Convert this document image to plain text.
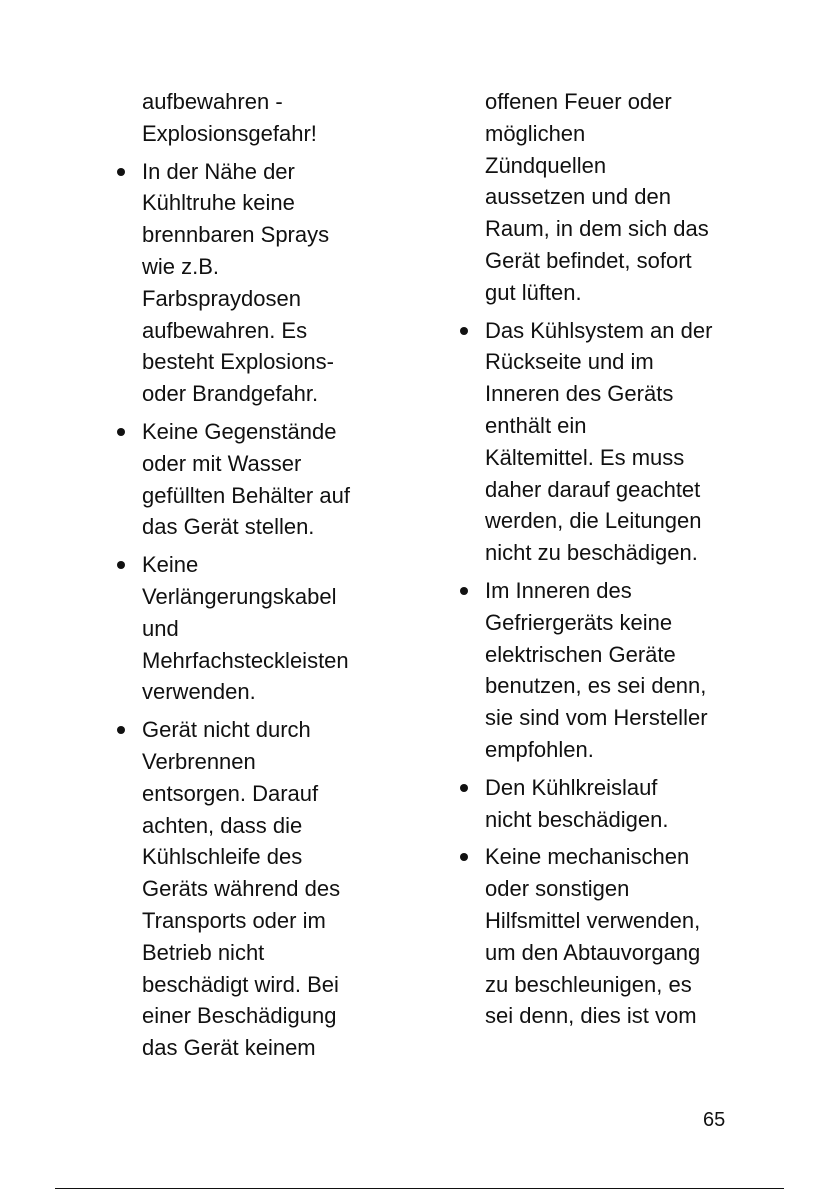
aufbewahren -
Explosionsgefahr!

In der Nähe der
Kühltruhe keine
brennbaren Sprays
wie z.B.
Farbspraydosen
aufbewahren. Es
besteht Explosions-
oder Brandgefahr.
Keine Gegenstände
oder mit Wasser
gefüllten Behälter auf
das Gerät stellen.
Keine
Verlängerungskabel
und
Mehrfachsteckleisten
verwenden.
Gerät nicht durch
Verbrennen
entsorgen. Darauf
achten, dass die
Kühlschleife des
Geräts während des
Transports oder im
Betrieb nicht
beschädigt wird. Bei
einer Beschädigung
das Gerät keinem

offenen Feuer oder
möglichen
Zündquellen
aussetzen und den
Raum, in dem sich das
Gerät befindet, sofort
gut lüften.

Das Kühlsystem an der
Rückseite und im
Inneren des Geräts
enthält ein
Kältemittel. Es muss
daher darauf geachtet
werden, die Leitungen
nicht zu beschädigen.
Im Inneren des
Gefriergeräts keine
elektrischen Geräte
benutzen, es sei denn,
sie sind vom Hersteller
empfohlen.
Den Kühlkreislauf
nicht beschädigen.
Keine mechanischen
oder sonstigen
Hilfsmittel verwenden,
um den Abtauvorgang
zu beschleunigen, es
sei denn, dies ist vom
65
